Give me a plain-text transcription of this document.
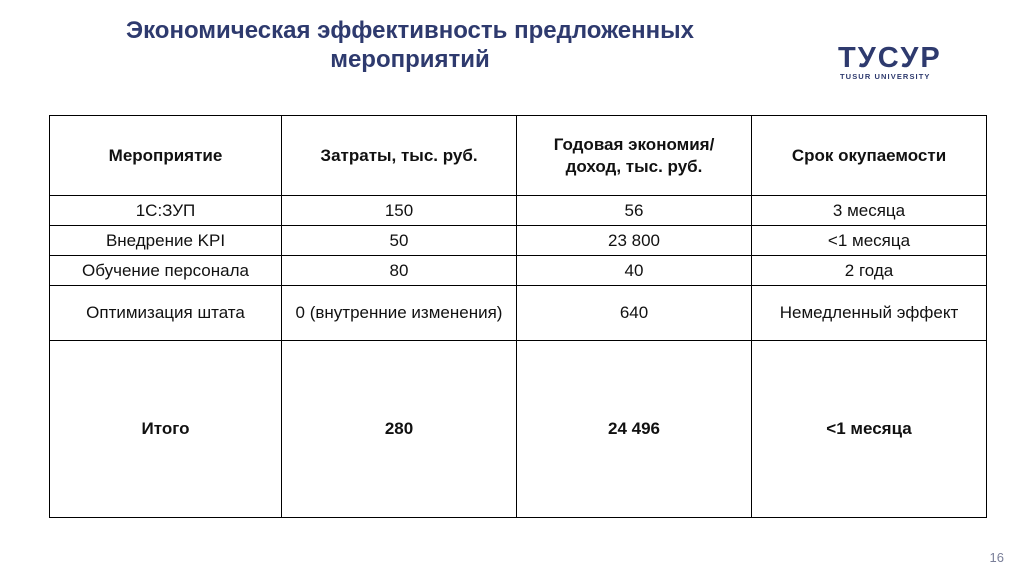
Экономическая эффективность предложенных
мероприятий	ТУСУР
TUSUR UNIVERSITY
Мероприятие	Затраты, тыс. руб.	Годовая экономия/доход, тыс. руб.	Срок окупаемости
1С:ЗУП	150	56	3 месяца
Внедрение KPI	50	23 800	<1 месяца
Обучение персонала	80	40	2 года
Оптимизация штата	0 (внутренние изменения)	640	Немедленный эффект
Итого	280	24 496	<1 месяца
16
